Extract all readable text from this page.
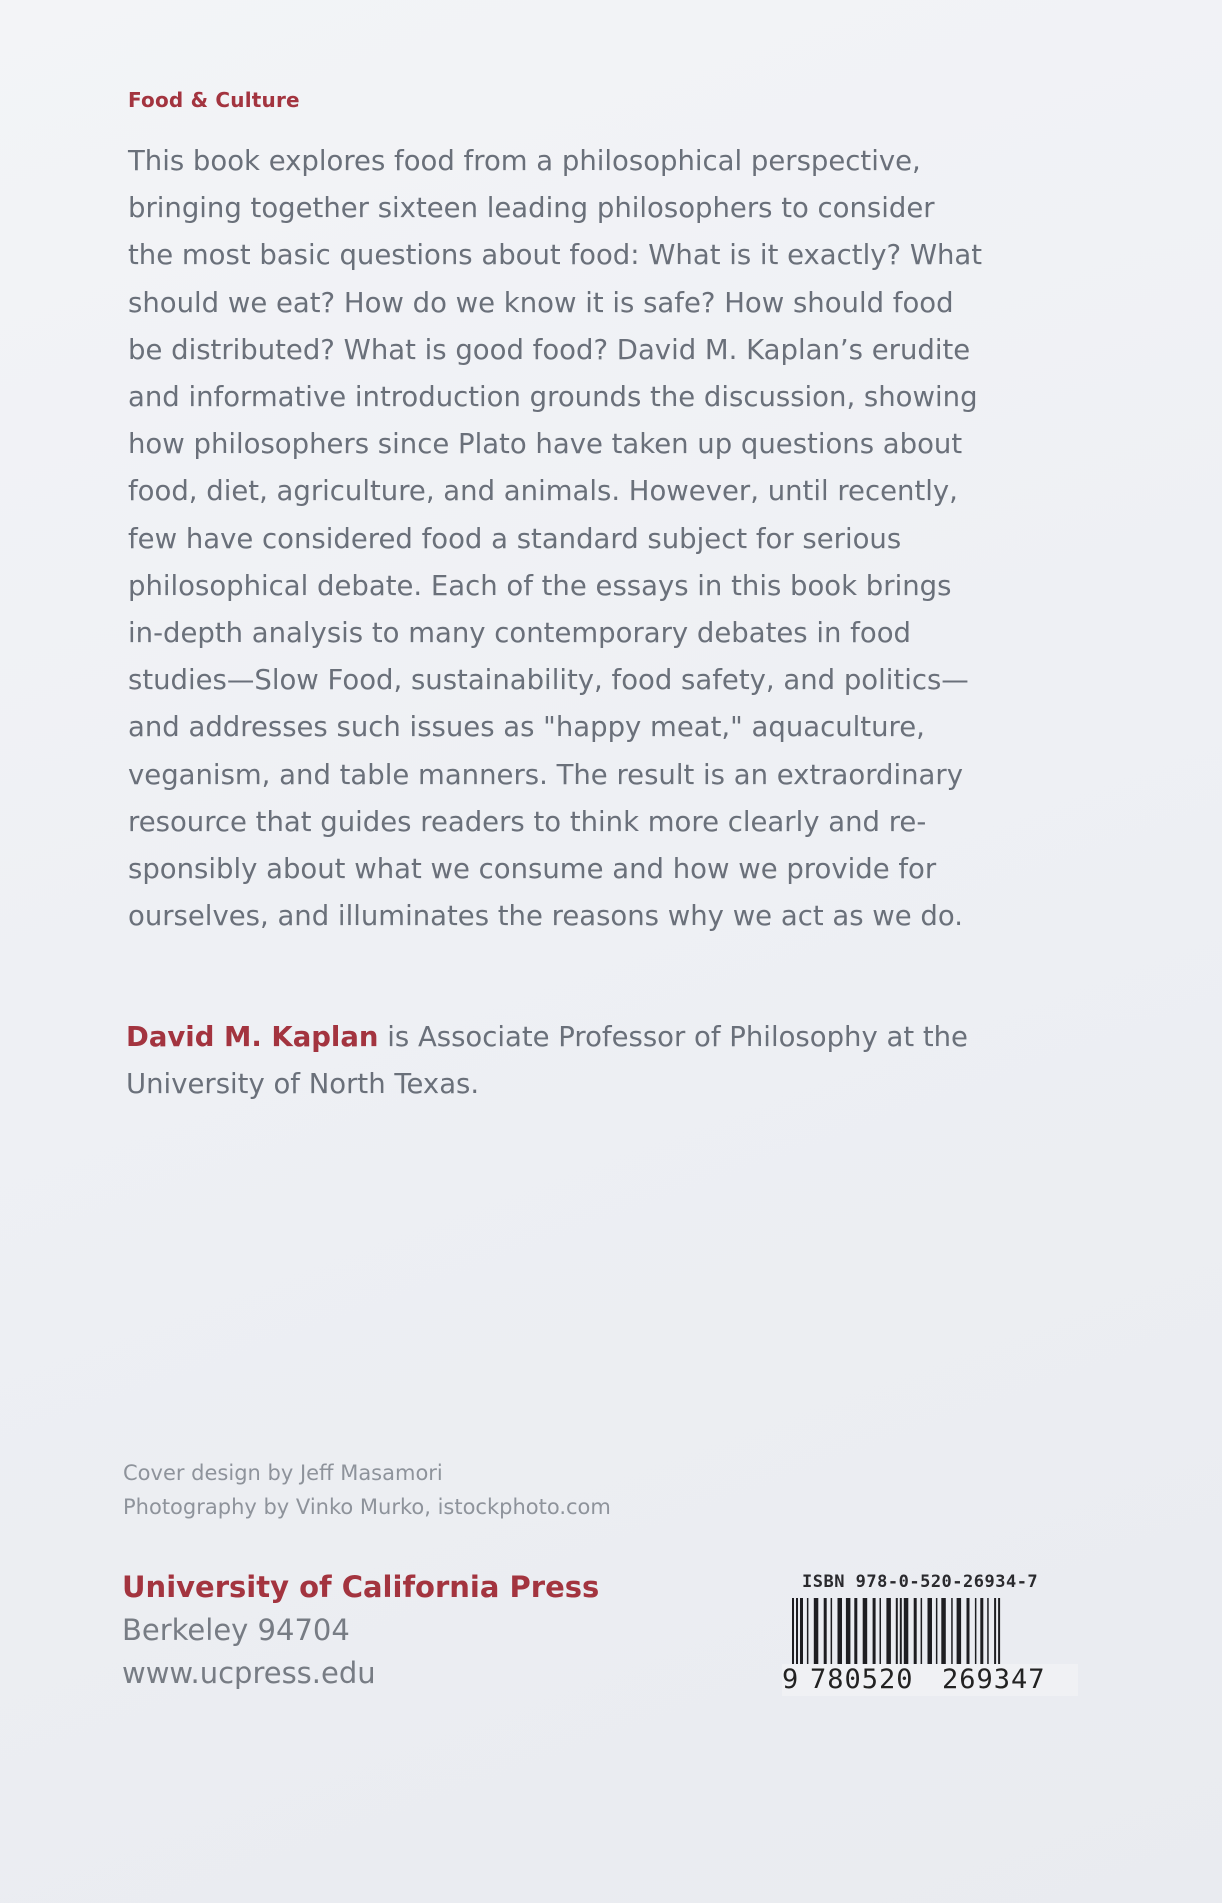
Food & Culture

This book explores food from a philosophical perspective,
bringing together sixteen leading philosophers to consider
the most basic questions about food: What is it exactly? What
should we eat? How do we know it is safe? How should food
be distributed? What is good food? David M. Kaplan’s erudite
and informative introduction grounds the discussion, showing
how philosophers since Plato have taken up questions about
food, diet, agriculture, and animals. However, until recently,
few have considered food a standard subject for serious
philosophical debate. Each of the essays in this book brings
in-depth analysis to many contemporary debates in food
studies—Slow Food, sustainability, food safety, and politics—
and addresses such issues as "happy meat," aquaculture,
veganism, and table manners. The result is an extraordinary
resource that guides readers to think more clearly and re-
sponsibly about what we consume and how we provide for
ourselves, and illuminates the reasons why we act as we do.

David M. Kaplan is Associate Professor of Philosophy at the University of North Texas.

Cover design by Jeff Masamori
Photography by Vinko Murko, istockphoto.com
University of California Press
Berkeley 94704
www.ucpress.edu
ISBN 978-0-520-26934-7
9 780520 269347
